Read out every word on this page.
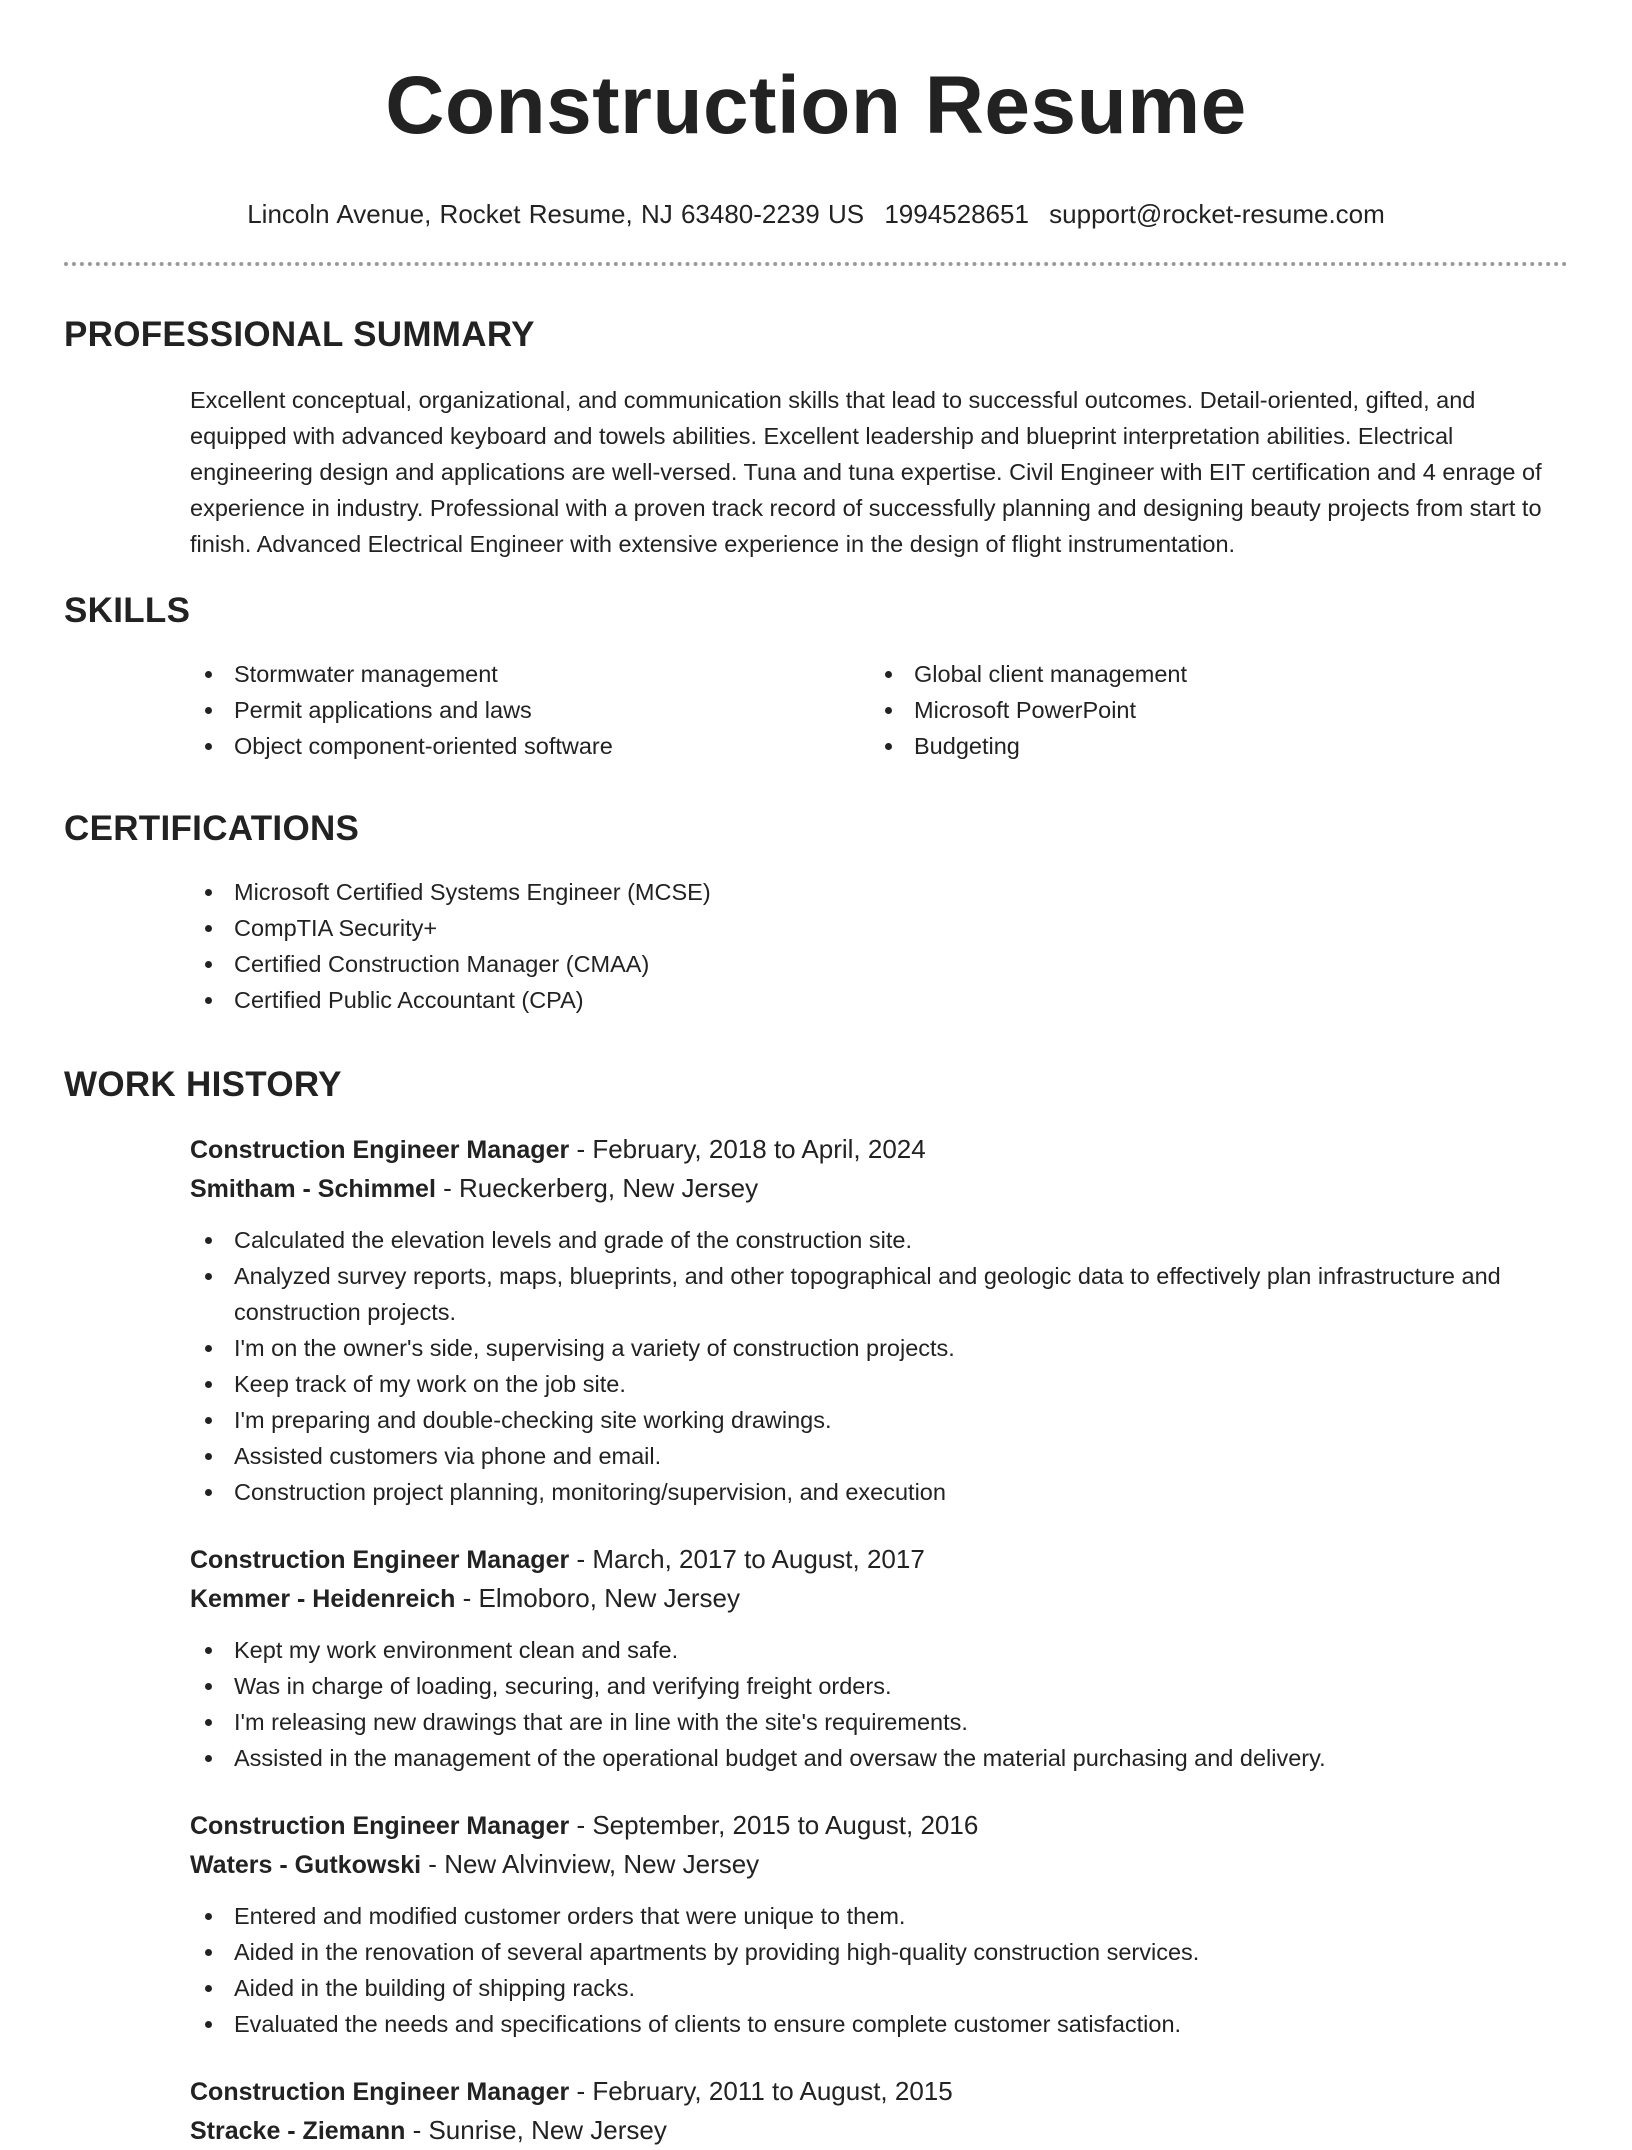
Construction Resume
Lincoln Avenue, Rocket Resume, NJ 63480-2239 US 1994528651 support@rocket-resume.com
PROFESSIONAL SUMMARY

Excellent conceptual, organizational, and communication skills that lead to successful outcomes. Detail-oriented, gifted, and equipped with advanced keyboard and towels abilities. Excellent leadership and blueprint interpretation abilities. Electrical engineering design and applications are well-versed. Tuna and tuna expertise. Civil Engineer with EIT certification and 4 enrage of experience in industry. Professional with a proven track record of successfully planning and designing beauty projects from start to finish. Advanced Electrical Engineer with extensive experience in the design of flight instrumentation.

SKILLS
Stormwater management
Permit applications and laws
Object component-oriented software
Global client management
Microsoft PowerPoint
Budgeting
CERTIFICATIONS
Microsoft Certified Systems Engineer (MCSE)
CompTIA Security+
Certified Construction Manager (CMAA)
Certified Public Accountant (CPA)
WORK HISTORY
Construction Engineer Manager - February, 2018 to April, 2024
Smitham - Schimmel - Rueckerberg, New Jersey
Calculated the elevation levels and grade of the construction site.
Analyzed survey reports, maps, blueprints, and other topographical and geologic data to effectively plan infrastructure and construction projects.
I'm on the owner's side, supervising a variety of construction projects.
Keep track of my work on the job site.
I'm preparing and double-checking site working drawings.
Assisted customers via phone and email.
Construction project planning, monitoring/supervision, and execution
Construction Engineer Manager - March, 2017 to August, 2017
Kemmer - Heidenreich - Elmoboro, New Jersey
Kept my work environment clean and safe.
Was in charge of loading, securing, and verifying freight orders.
I'm releasing new drawings that are in line with the site's requirements.
Assisted in the management of the operational budget and oversaw the material purchasing and delivery.
Construction Engineer Manager - September, 2015 to August, 2016
Waters - Gutkowski - New Alvinview, New Jersey
Entered and modified customer orders that were unique to them.
Aided in the renovation of several apartments by providing high-quality construction services.
Aided in the building of shipping racks.
Evaluated the needs and specifications of clients to ensure complete customer satisfaction.
Construction Engineer Manager - February, 2011 to August, 2015
Stracke - Ziemann - Sunrise, New Jersey
